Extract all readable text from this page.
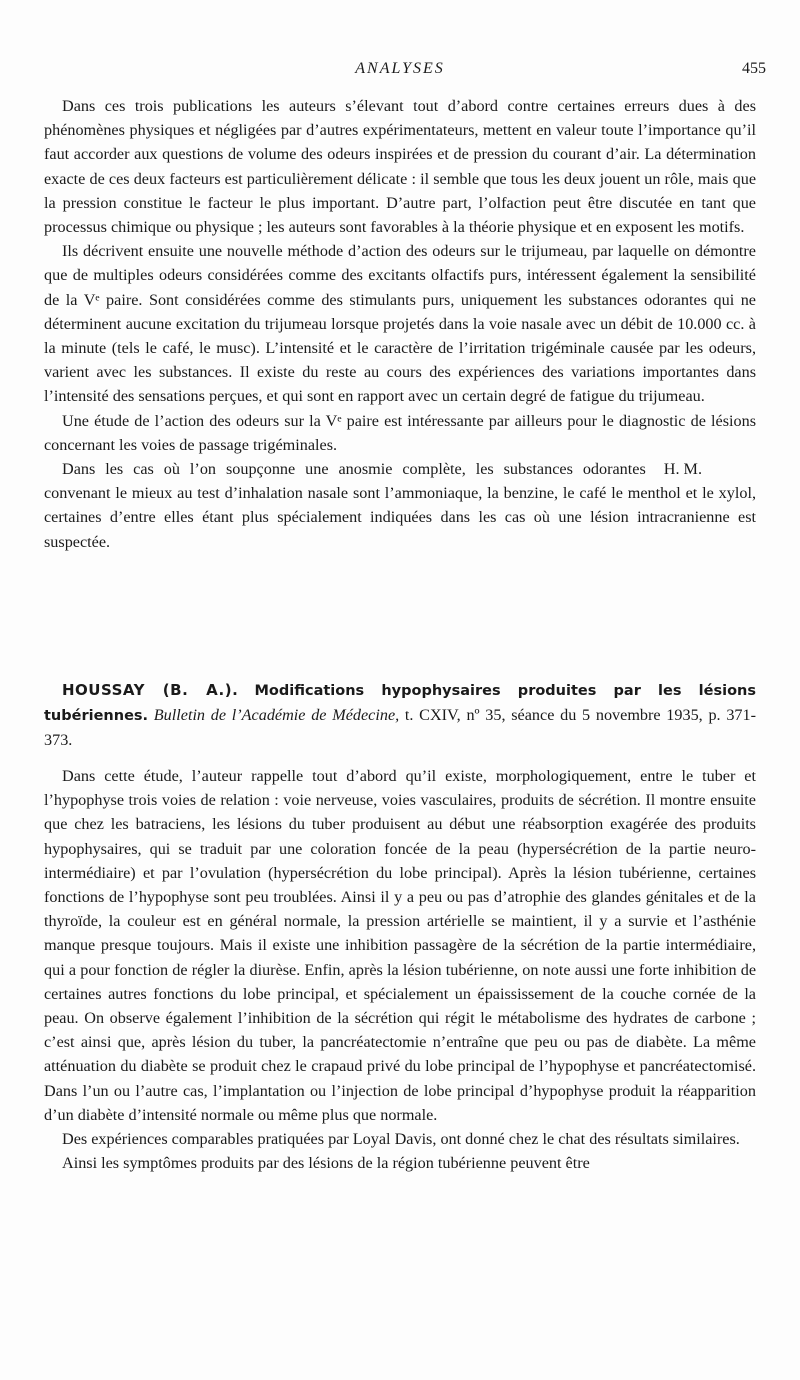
ANALYSES	455

Dans ces trois publications les auteurs s’élevant tout d’abord contre certaines erreurs dues à des phénomènes physiques et négligées par d’autres expérimentateurs, mettent en valeur toute l’importance qu’il faut accorder aux questions de volume des odeurs inspirées et de pression du courant d’air. La détermination exacte de ces deux facteurs est particulièrement délicate : il semble que tous les deux jouent un rôle, mais que la pression constitue le facteur le plus important. D’autre part, l’olfaction peut être discutée en tant que processus chimique ou physique ; les auteurs sont favorables à la théorie physique et en exposent les motifs.

Ils décrivent ensuite une nouvelle méthode d’action des odeurs sur le trijumeau, par laquelle on démontre que de multiples odeurs considérées comme des excitants olfactifs purs, intéressent également la sensibilité de la Vᵉ paire. Sont considérées comme des stimulants purs, uniquement les substances odorantes qui ne déterminent aucune excitation du trijumeau lorsque projetés dans la voie nasale avec un débit de 10.000 cc. à la minute (tels le café, le musc). L’intensité et le caractère de l’irritation trigéminale causée par les odeurs, varient avec les substances. Il existe du reste au cours des expériences des variations importantes dans l’intensité des sensations perçues, et qui sont en rapport avec un certain degré de fatigue du trijumeau.

Une étude de l’action des odeurs sur la Vᵉ paire est intéressante par ailleurs pour le diagnostic de lésions concernant les voies de passage trigéminales.

H. M.
Dans les cas où l’on soupçonne une anosmie complète, les substances odorantes convenant le mieux au test d’inhalation nasale sont l’ammoniaque, la benzine, le café le menthol et le xylol, certaines d’entre elles étant plus spécialement indiquées dans les cas où une lésion intracranienne est suspectée.

HOUSSAY (B. A.). Modifications hypophysaires produites par les lésions tubériennes. Bulletin de l’Académie de Médecine, t. CXIV, nº 35, séance du 5 novembre 1935, p. 371-373.

Dans cette étude, l’auteur rappelle tout d’abord qu’il existe, morphologiquement, entre le tuber et l’hypophyse trois voies de relation : voie nerveuse, voies vasculaires, produits de sécrétion. Il montre ensuite que chez les batraciens, les lésions du tuber produisent au début une réabsorption exagérée des produits hypophysaires, qui se traduit par une coloration foncée de la peau (hypersécrétion de la partie neuro-intermédiaire) et par l’ovulation (hypersécrétion du lobe principal). Après la lésion tubérienne, certaines fonctions de l’hypophyse sont peu troublées. Ainsi il y a peu ou pas d’atrophie des glandes génitales et de la thyroïde, la couleur est en général normale, la pression artérielle se maintient, il y a survie et l’asthénie manque presque toujours. Mais il existe une inhibition passagère de la sécrétion de la partie intermédiaire, qui a pour fonction de régler la diurèse. Enfin, après la lésion tubérienne, on note aussi une forte inhibition de certaines autres fonctions du lobe principal, et spécialement un épaississement de la couche cornée de la peau. On observe également l’inhibition de la sécrétion qui régit le métabolisme des hydrates de carbone ; c’est ainsi que, après lésion du tuber, la pancréatectomie n’entraîne que peu ou pas de diabète. La même atténuation du diabète se produit chez le crapaud privé du lobe principal de l’hypophyse et pancréatectomisé. Dans l’un ou l’autre cas, l’implantation ou l’injection de lobe principal d’hypophyse produit la réapparition d’un diabète d’intensité normale ou même plus que normale.

Des expériences comparables pratiquées par Loyal Davis, ont donné chez le chat des résultats similaires.

Ainsi les symptômes produits par des lésions de la région tubérienne peuvent être
